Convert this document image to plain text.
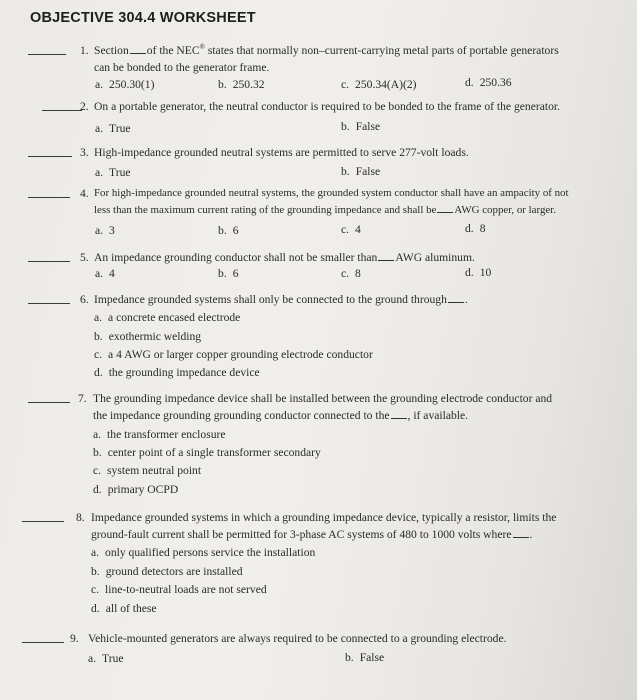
OBJECTIVE 304.4 WORKSHEET
1. Section of the NEC® states that normally non–current-carrying metal parts of portable generators
can be bonded to the generator frame.
a. 250.30(1)	b. 250.32	c. 250.34(A)(2)	d. 250.36
2. On a portable generator, the neutral conductor is required to be bonded to the frame of the generator.
a. True	b. False
3. High-impedance grounded neutral systems are permitted to serve 277-volt loads.
a. True	b. False
4. For high-impedance grounded neutral systems, the grounded system conductor shall have an ampacity of not
less than the maximum current rating of the grounding impedance and shall be AWG copper, or larger.
a. 3	b. 6	c. 4	d. 8
5. An impedance grounding conductor shall not be smaller than AWG aluminum.
a. 4	b. 6	c. 8	d. 10
6. Impedance grounded systems shall only be connected to the ground through .
a. a concrete encased electrode
b. exothermic welding
c. a 4 AWG or larger copper grounding electrode conductor
d. the grounding impedance device
7. The grounding impedance device shall be installed between the grounding electrode conductor and
the impedance grounding grounding conductor connected to the , if available.
a. the transformer enclosure
b. center point of a single transformer secondary
c. system neutral point
d. primary OCPD
8. Impedance grounded systems in which a grounding impedance device, typically a resistor, limits the
ground-fault current shall be permitted for 3-phase AC systems of 480 to 1000 volts where .
a. only qualified persons service the installation
b. ground detectors are installed
c. line-to-neutral loads are not served
d. all of these
9. Vehicle-mounted generators are always required to be connected to a grounding electrode.
a. True	b. False
